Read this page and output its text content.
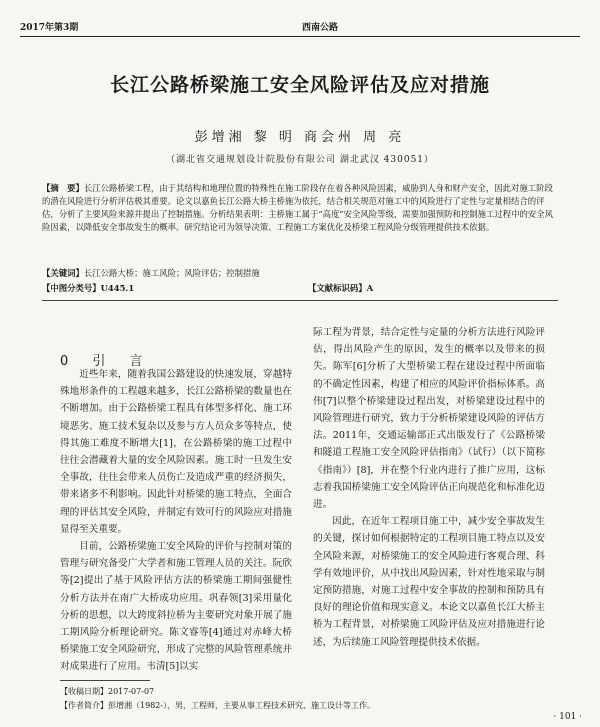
2017年第3期	西南公路
长江公路桥梁施工安全风险评估及应对措施
彭增湘 黎 明 商会州 周 亮
（湖北省交通规划设计院股份有限公司 湖北武汉 430051）
【摘　要】长江公路桥梁工程，由于其结构和地理位置的特殊性在施工阶段存在着各种风险因素，威胁到人身和财产安全，因此对施工阶段的潜在风险进行分析评估极其重要。论文以嘉鱼长江公路大桥主桥施为依托，结合相关规范对施工中的风险进行了定性与定量相结合的评估，分析了主要风险来源并提出了控制措施。分析结果表明：主桥施工属于“高度”安全风险等级，需要加强预防和控制施工过程中的安全风险因素，以降低安全事故发生的概率。研究结论可为领导决策、工程施工方案优化及桥梁工程风险分级管理提供技术依据。
【关键词】长江公路大桥；施工风险；风险评估；控制措施
【中图分类号】U445.1	【文献标识码】A
0 引 言

近些年来，随着我国公路建设的快速发展，穿越特殊地形条件的工程越来越多，长江公路桥梁的数量也在不断增加。由于公路桥梁工程具有体型多样化、施工环境恶劣、施工技术复杂以及参与方人员众多等特点，使得其施工难度不断增大[1]，在公路桥梁的施工过程中往往会潜藏着大量的安全风险因素。施工时一旦发生安全事故，往往会带来人员伤亡及造成严重的经济损失，带来诸多不利影响。因此针对桥梁的施工特点，全面合理的评估其安全风险，并制定有效可行的风险应对措施显得至关重要。

目前，公路桥梁施工安全风险的评价与控制对策的管理与研究备受广大学者和施工管理人员的关注。阮欣等[2]提出了基于风险评估方法的桥梁施工期间强健性分析方法并在南广大桥成功应用。巩春领[3]采用量化分析的思想，以大跨度斜拉桥为主要研究对象开展了施工期风险分析理论研究。陈文睿等[4]通过对赤峰大桥桥梁施工安全风险研究，形成了完整的风险管理系统并对成果进行了应用。韦清[5]以实

际工程为背景，结合定性与定量的分析方法进行风险评估，得出风险产生的原因，发生的概率以及带来的损失。陈军[6]分析了大型桥梁工程在建设过程中所面临的不确定性因素，构建了相应的风险评价指标体系。高伟[7]以整个桥梁建设过程出发，对桥梁建设过程中的风险管理进行研究，致力于分析桥梁建设风险的评估方法。2011年，交通运输部正式出版发行了《公路桥梁和隧道工程施工安全风险评估指南》（试行）（以下简称《指南》）[8]，并在整个行业内进行了推广应用，这标志着我国桥梁施工安全风险评估正向规范化和标准化迈进。

因此，在近年工程项目施工中，减少安全事故发生的关键，探讨如何根据特定的工程项目施工特点以及安全风险来源，对桥梁施工的安全风险进行客观合理、科学有效地评价，从中找出风险因素，针对性地采取与制定预防措施，对施工过程中安全事故的控制和预防具有良好的理论价值和现实意义。本论文以嘉鱼长江大桥主桥为工程背景，对桥梁施工风险评估及应对措施进行论述，为后续施工风险管理提供技术依据。

【收稿日期】2017-07-07
【作者简介】彭增湘（1982-），男，工程师，主要从事工程技术研究、施工设计等工作。
· 101 ·
